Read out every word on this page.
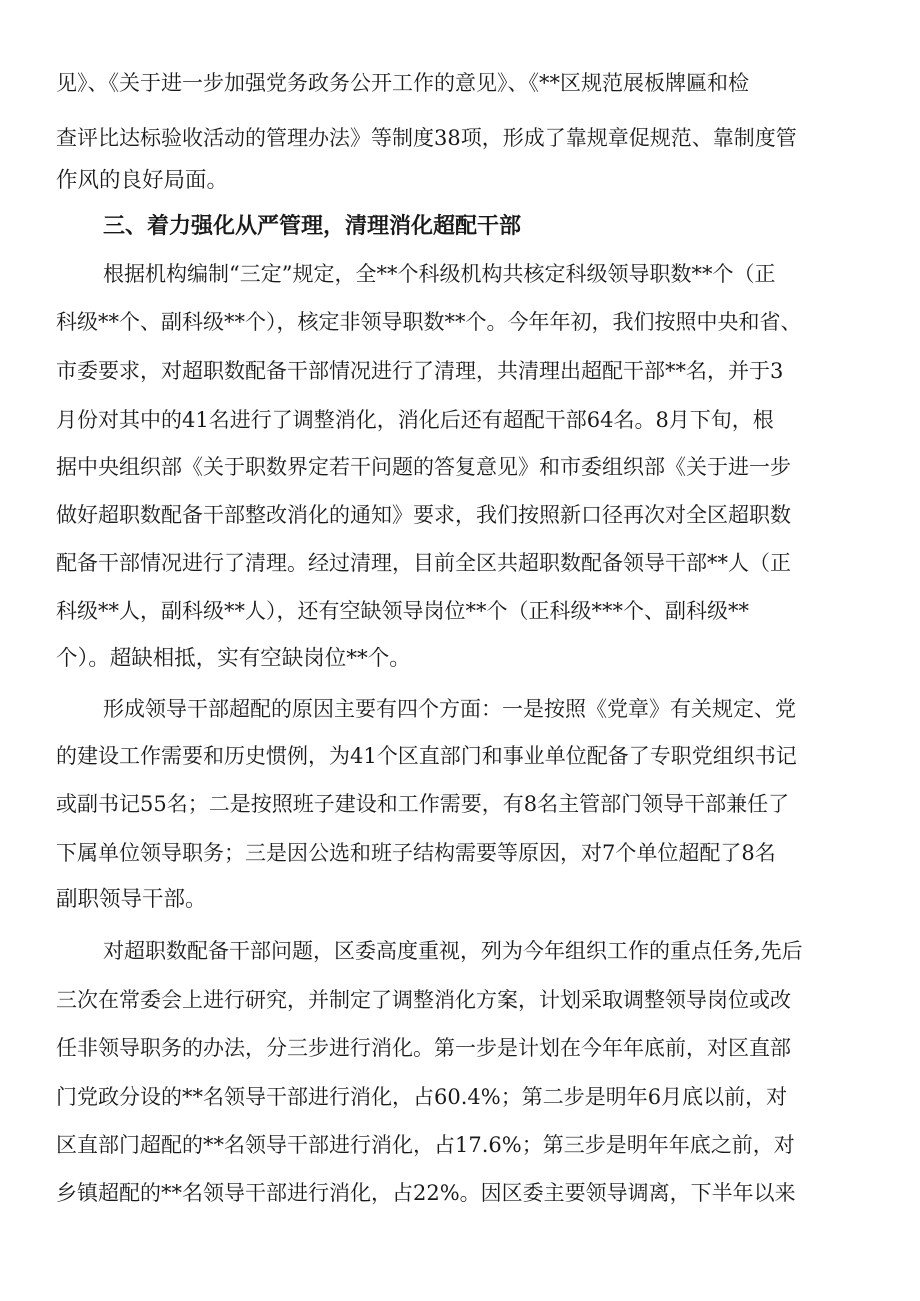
见》、《关于进一步加强党务政务公开工作的意见》、《**区规范展板牌匾和检
查评比达标验收活动的管理办法》等制度38项，形成了靠规章促规范、靠制度管
作风的良好局面。
三、着力强化从严管理，清理消化超配干部
根据机构编制“三定”规定，全**个科级机构共核定科级领导职数**个（正
科级**个、副科级**个），核定非领导职数**个。今年年初，我们按照中央和省、
市委要求，对超职数配备干部情况进行了清理，共清理出超配干部**名，并于3
月份对其中的41名进行了调整消化，消化后还有超配干部64名。8月下旬，根
据中央组织部《关于职数界定若干问题的答复意见》和市委组织部《关于进一步
做好超职数配备干部整改消化的通知》要求，我们按照新口径再次对全区超职数
配备干部情况进行了清理。经过清理，目前全区共超职数配备领导干部**人（正
科级**人，副科级**人），还有空缺领导岗位**个（正科级***个、副科级**
个）。超缺相抵，实有空缺岗位**个。
形成领导干部超配的原因主要有四个方面：一是按照《党章》有关规定、党
的建设工作需要和历史惯例，为41个区直部门和事业单位配备了专职党组织书记
或副书记55名；二是按照班子建设和工作需要，有8名主管部门领导干部兼任了
下属单位领导职务；三是因公选和班子结构需要等原因，对7个单位超配了8名
副职领导干部。
对超职数配备干部问题，区委高度重视，列为今年组织工作的重点任务,先后
三次在常委会上进行研究，并制定了调整消化方案，计划采取调整领导岗位或改
任非领导职务的办法，分三步进行消化。第一步是计划在今年年底前，对区直部
门党政分设的**名领导干部进行消化，占60.4%；第二步是明年6月底以前，对
区直部门超配的**名领导干部进行消化，占17.6%；第三步是明年年底之前，对
乡镇超配的**名领导干部进行消化，占22%。因区委主要领导调离，下半年以来
